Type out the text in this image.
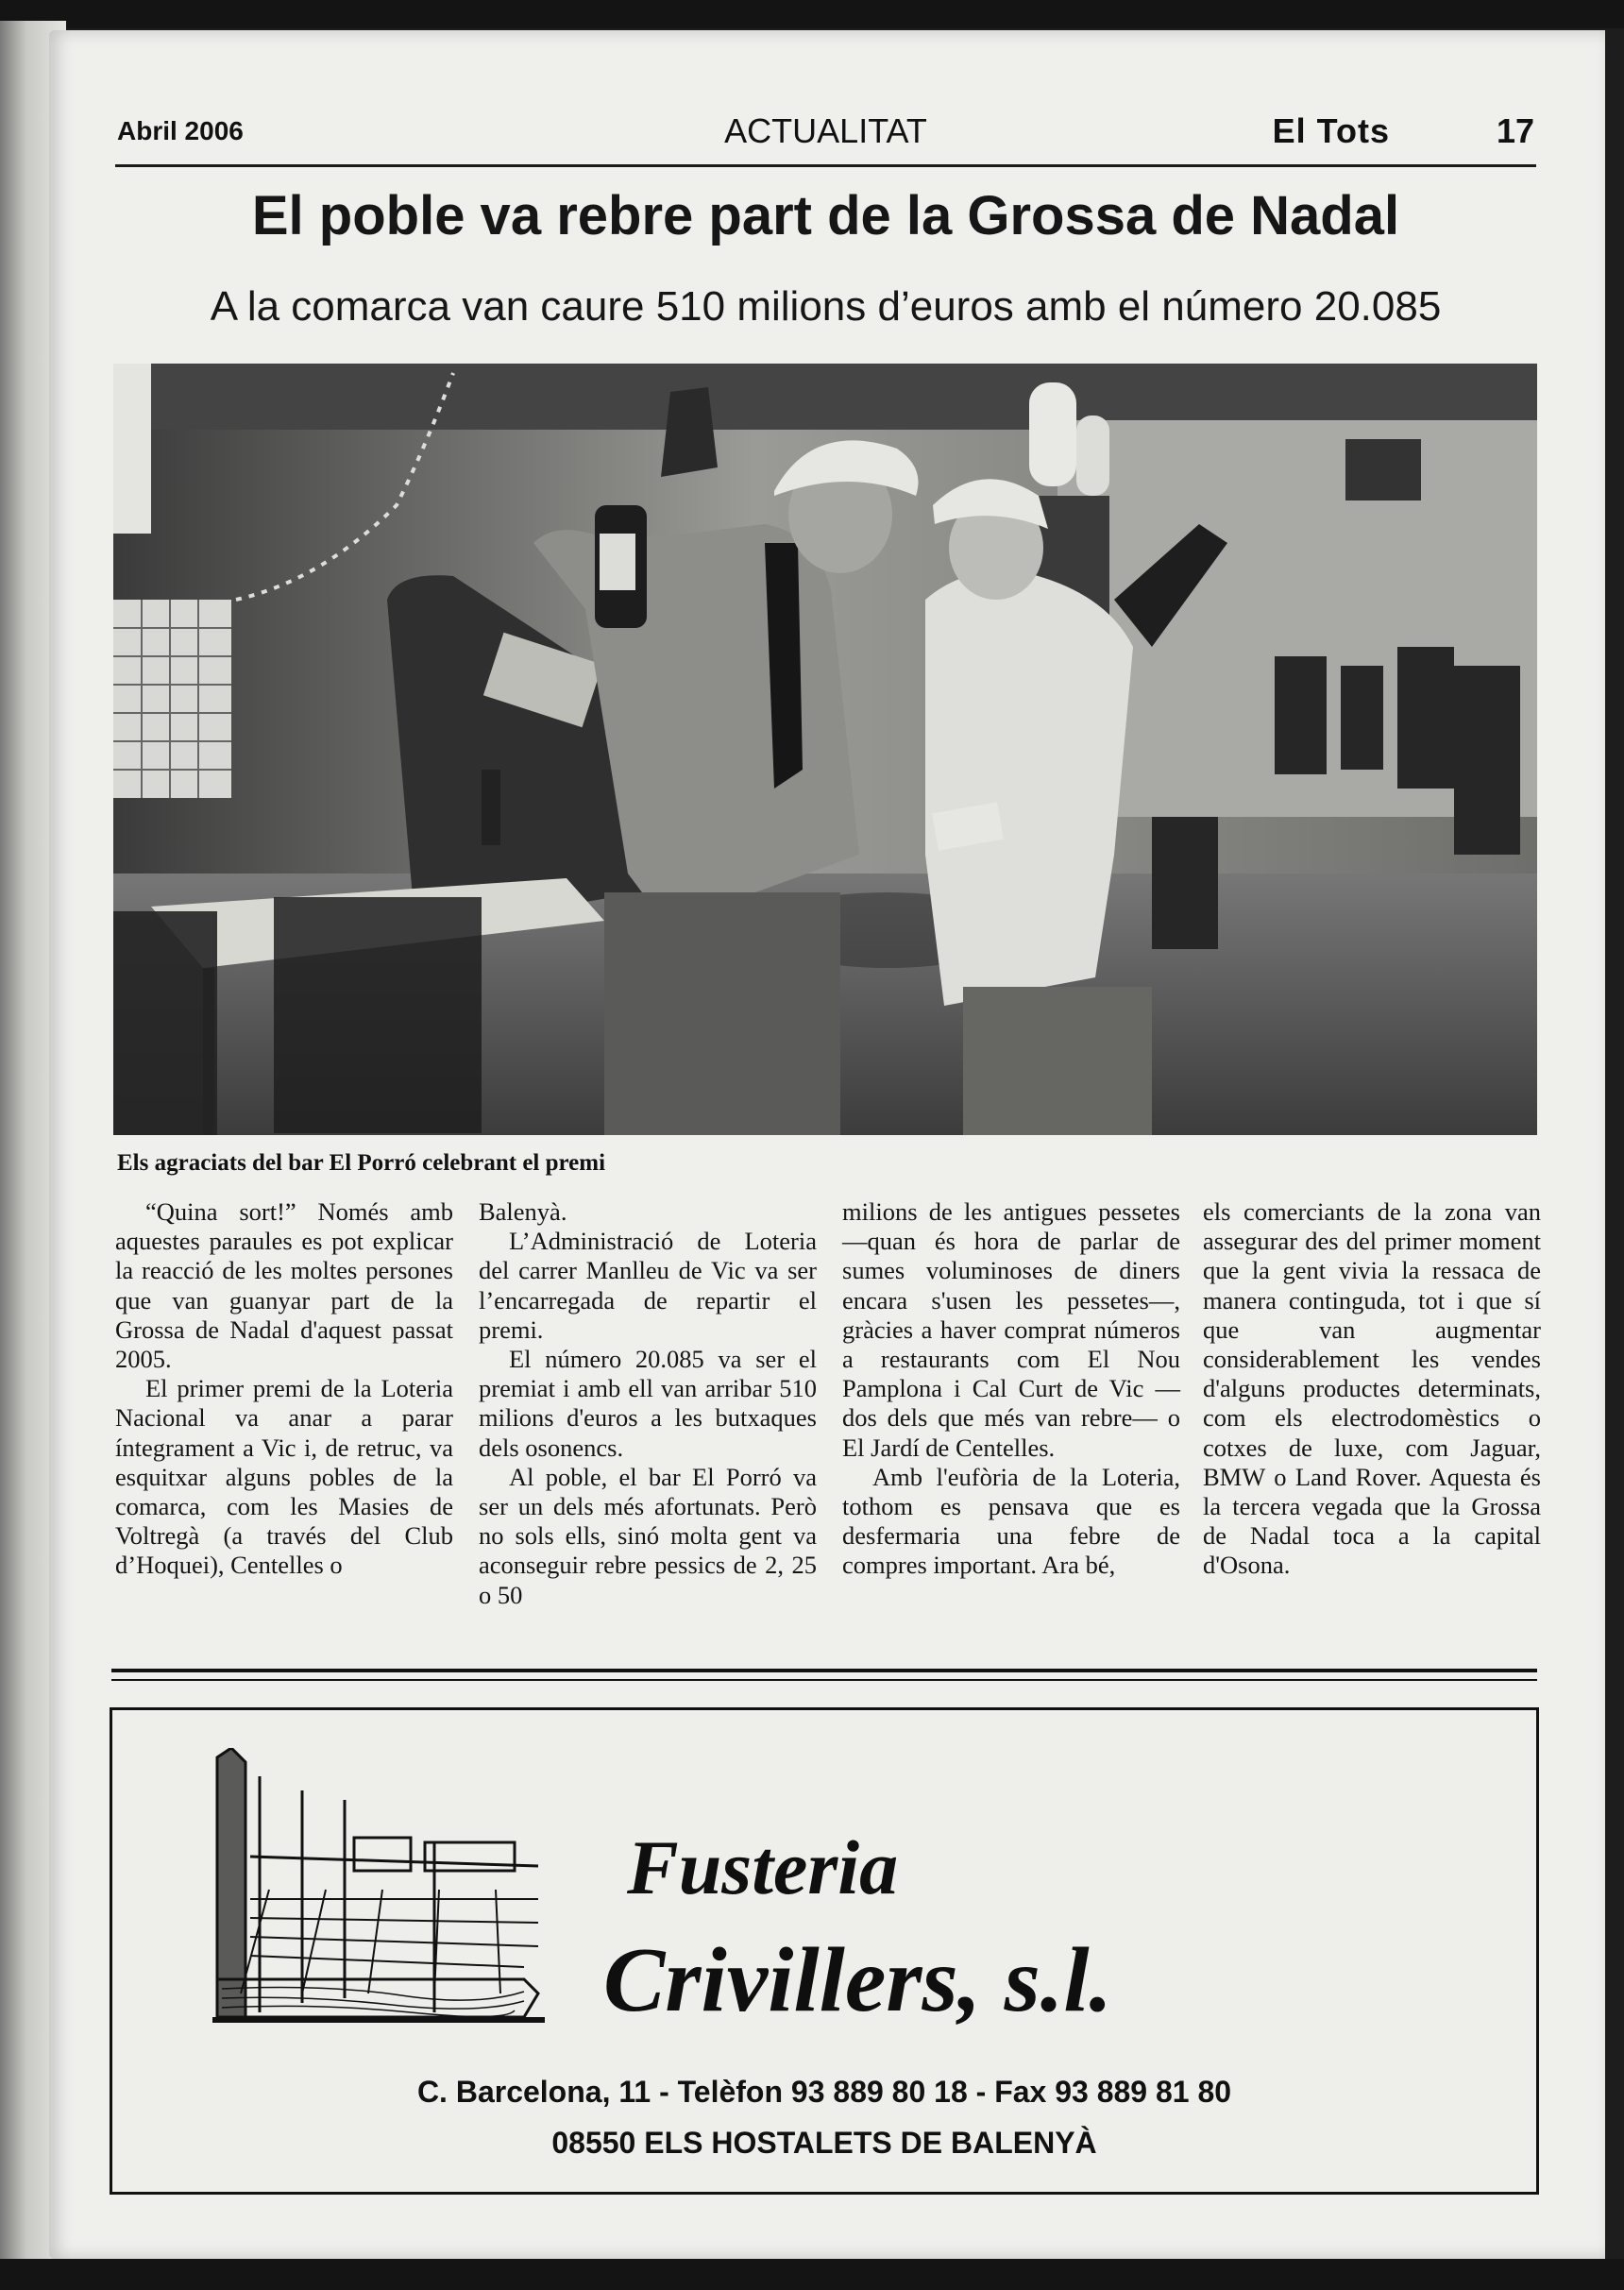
Abril 2006	ACTUALITAT	El Tots	17
El poble va rebre part de la Grossa de Nadal
A la comarca van caure 510 milions d’euros amb el número 20.085
Els agraciats del bar El Porró celebrant el premi

“Quina sort!” Només amb aquestes paraules es pot explicar la reacció de les moltes persones que van guanyar part de la Grossa de Nadal d'aquest passat 2005.

El primer premi de la Loteria Nacional va anar a parar íntegrament a Vic i, de retruc, va esquitxar alguns pobles de la comarca, com les Masies de Voltregà (a través del Club d’Hoquei), Centelles o

Balenyà.

L’Administració de Loteria del carrer Manlleu de Vic va ser l’encarregada de repartir el premi.

El número 20.085 va ser el premiat i amb ell van arribar 510 milions d'euros a les butxaques dels osonencs.

Al poble, el bar El Porró va ser un dels més afortunats. Però no sols ells, sinó molta gent va aconseguir rebre pessics de 2, 25 o 50

milions de les antigues pessetes —quan és hora de parlar de sumes voluminoses de diners encara s'usen les pessetes—, gràcies a haver comprat números a restaurants com El Nou Pamplona i Cal Curt de Vic —dos dels que més van rebre— o El Jardí de Centelles.

Amb l'eufòria de la Loteria, tothom es pensava que es desfermaria una febre de compres important. Ara bé,

els comerciants de la zona van assegurar des del primer moment que la gent vivia la ressaca de manera continguda, tot i que sí que van augmentar considerablement les vendes d'alguns productes determinats, com els electrodomèstics o cotxes de luxe, com Jaguar, BMW o Land Rover. Aquesta és la tercera vegada que la Grossa de Nadal toca a la capital d'Osona.

Fusteria
Crivillers, s.l.
C. Barcelona, 11 - Telèfon 93 889 80 18 - Fax 93 889 81 80
08550 ELS HOSTALETS DE BALENYÀ
